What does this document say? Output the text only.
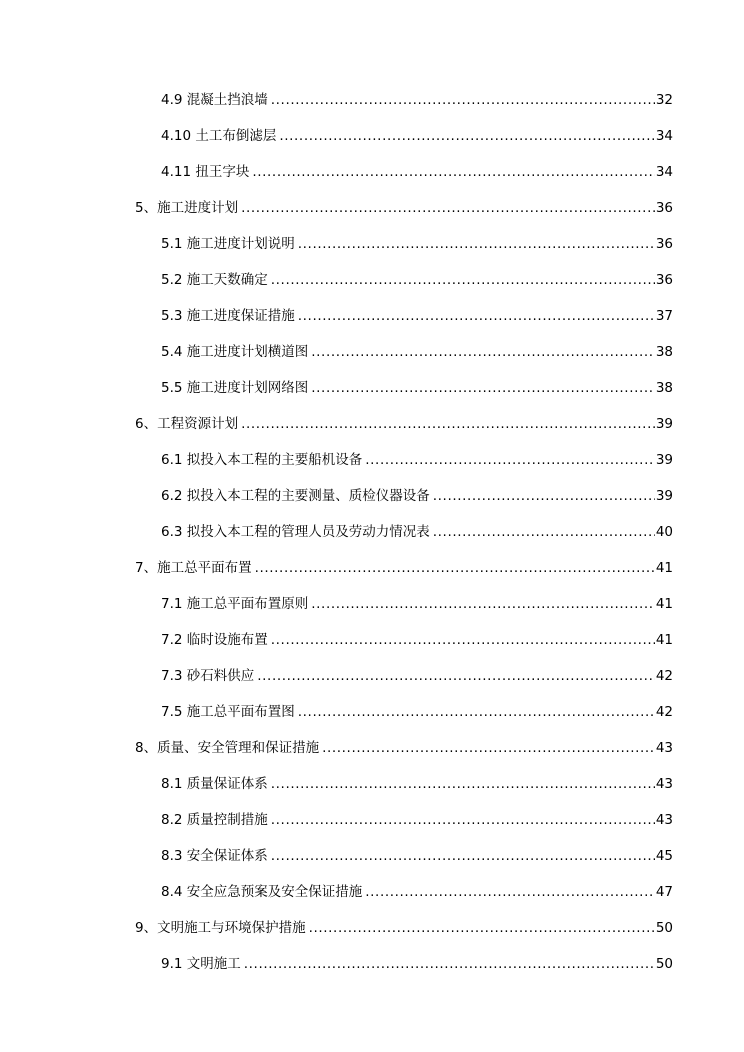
4.9 混凝土挡浪墙 .....	32
4.10 土工布倒滤层 .....	34
4.11 扭王字块 .....	34
5、施工进度计划 .....	36
5.1 施工进度计划说明 .....	36
5.2 施工天数确定 .....	36
5.3 施工进度保证措施 .....	37
5.4 施工进度计划横道图 .....	38
5.5 施工进度计划网络图 .....	38
6、工程资源计划 .....	39
6.1 拟投入本工程的主要船机设备 .....	39
6.2 拟投入本工程的主要测量、质检仪器设备 .....	39
6.3 拟投入本工程的管理人员及劳动力情况表 .....	40
7、施工总平面布置 .....	41
7.1 施工总平面布置原则 .....	41
7.2 临时设施布置 .....	41
7.3 砂石料供应 .....	42
7.5 施工总平面布置图 .....	42
8、质量、安全管理和保证措施 .....	43
8.1 质量保证体系 .....	43
8.2 质量控制措施 .....	43
8.3 安全保证体系 .....	45
8.4 安全应急预案及安全保证措施 .....	47
9、文明施工与环境保护措施 .....	50
9.1 文明施工 .....	50
